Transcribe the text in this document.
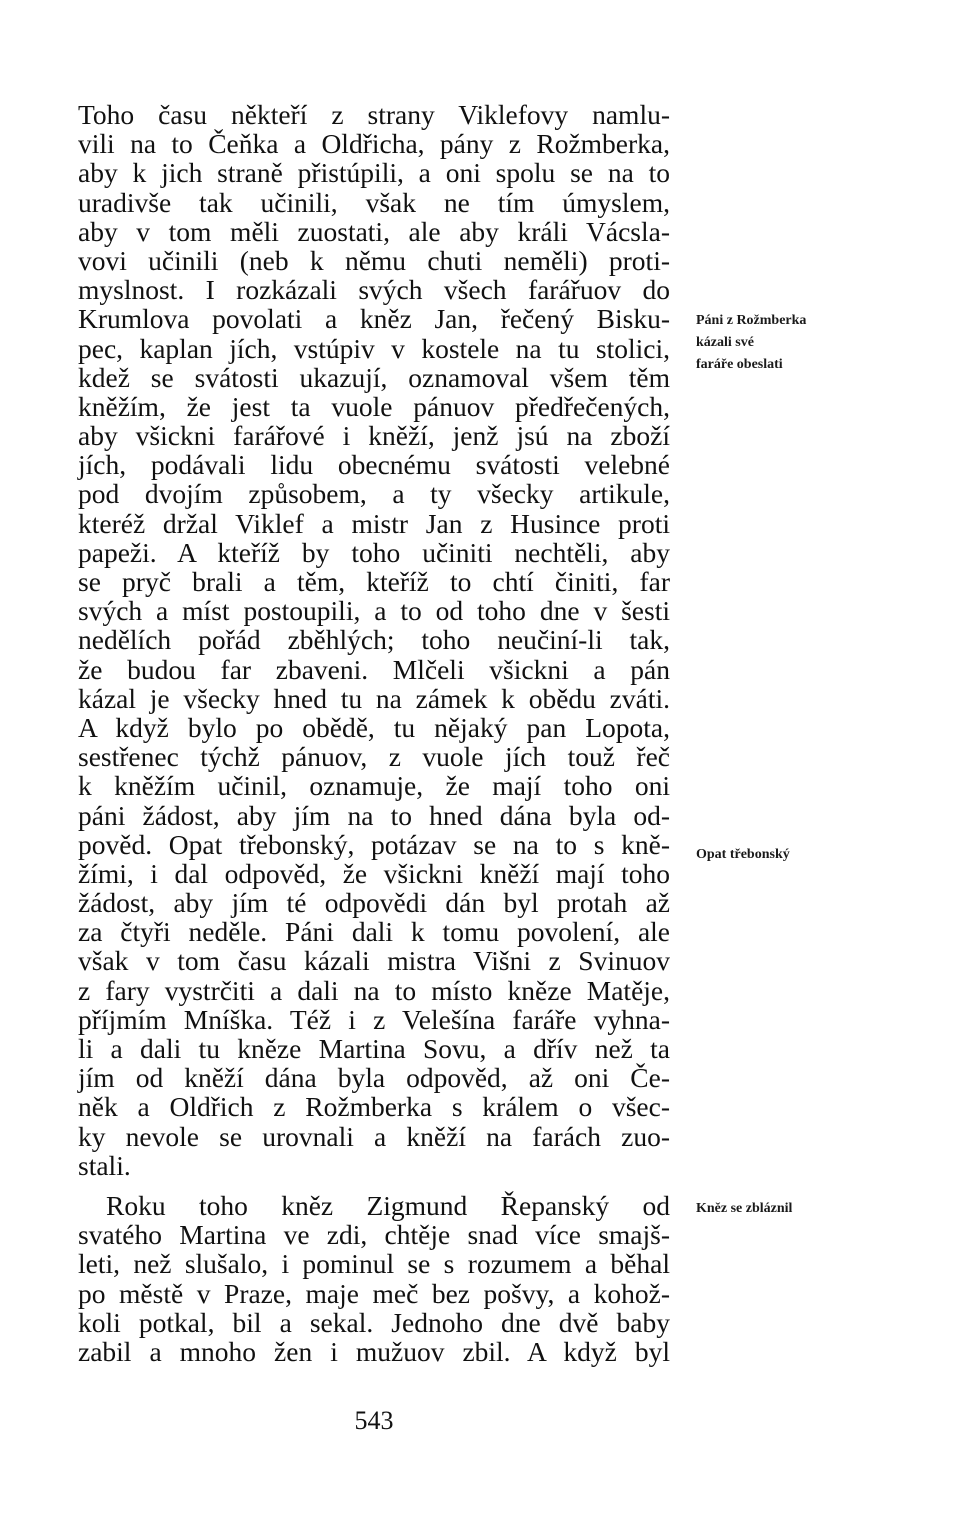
Toho času někteří z strany Viklefovy namlu-
vili na to Čeňka a Oldřicha, pány z Rožmberka,
aby k jich straně přistúpili, a oni spolu se na to
uradivše tak učinili, však ne tím úmyslem,
aby v tom měli zuostati, ale aby králi Vácsla-
vovi učinili (neb k němu chuti neměli) proti-
myslnost. I rozkázali svých všech farářuov do
Krumlova povolati a kněz Jan, řečený Bisku-
pec, kaplan jích, vstúpiv v kostele na tu stolici,
kdež se svátosti ukazují, oznamoval všem těm
kněžím, že jest ta vuole pánuov předřečených,
aby všickni farářové i kněží, jenž jsú na zboží
jích, podávali lidu obecnému svátosti velebné
pod dvojím způsobem, a ty všecky artikule,
kteréž držal Viklef a mistr Jan z Husince proti
papeži. A kteříž by toho učiniti nechtěli, aby
se pryč brali a těm, kteříž to chtí činiti, far
svých a míst postoupili, a to od toho dne v šesti
nedělích pořád zběhlých; toho neučiní-li tak,
že budou far zbaveni. Mlčeli všickni a pán
kázal je všecky hned tu na zámek k obědu zváti.
A když bylo po obědě, tu nějaký pan Lopota,
sestřenec týchž pánuov, z vuole jích touž řeč
k kněžím učinil, oznamuje, že mají toho oni
páni žádost, aby jím na to hned dána byla od-
pověd. Opat třebonský, potázav se na to s kně-
žími, i dal odpověd, že všickni kněží mají toho
žádost, aby jím té odpovědi dán byl protah až
za čtyři neděle. Páni dali k tomu povolení, ale
však v tom času kázali mistra Višni z Svinuov
z fary vystrčiti a dali na to místo kněze Matěje,
příjmím Mníška. Též i z Velešína faráře vyhna-
li a dali tu kněze Martina Sovu, a dřív než ta
jím od kněží dána byla odpověd, až oni Če-
něk a Oldřich z Rožmberka s králem o všec-
ky nevole se urovnali a kněží na farách zuo-
stali.
Roku toho kněz Zigmund Řepanský od
svatého Martina ve zdi, chtěje snad více smajš-
leti, než slušalo, i pominul se s rozumem a běhal
po městě v Praze, maje meč bez pošvy, a kohož-
koli potkal, bil a sekal. Jednoho dne dvě baby
zabil a mnoho žen i mužuov zbil. A když byl
Páni z Rožmberka
kázali své
faráře obeslati
Opat třebonský
Kněz se zbláznil
543
